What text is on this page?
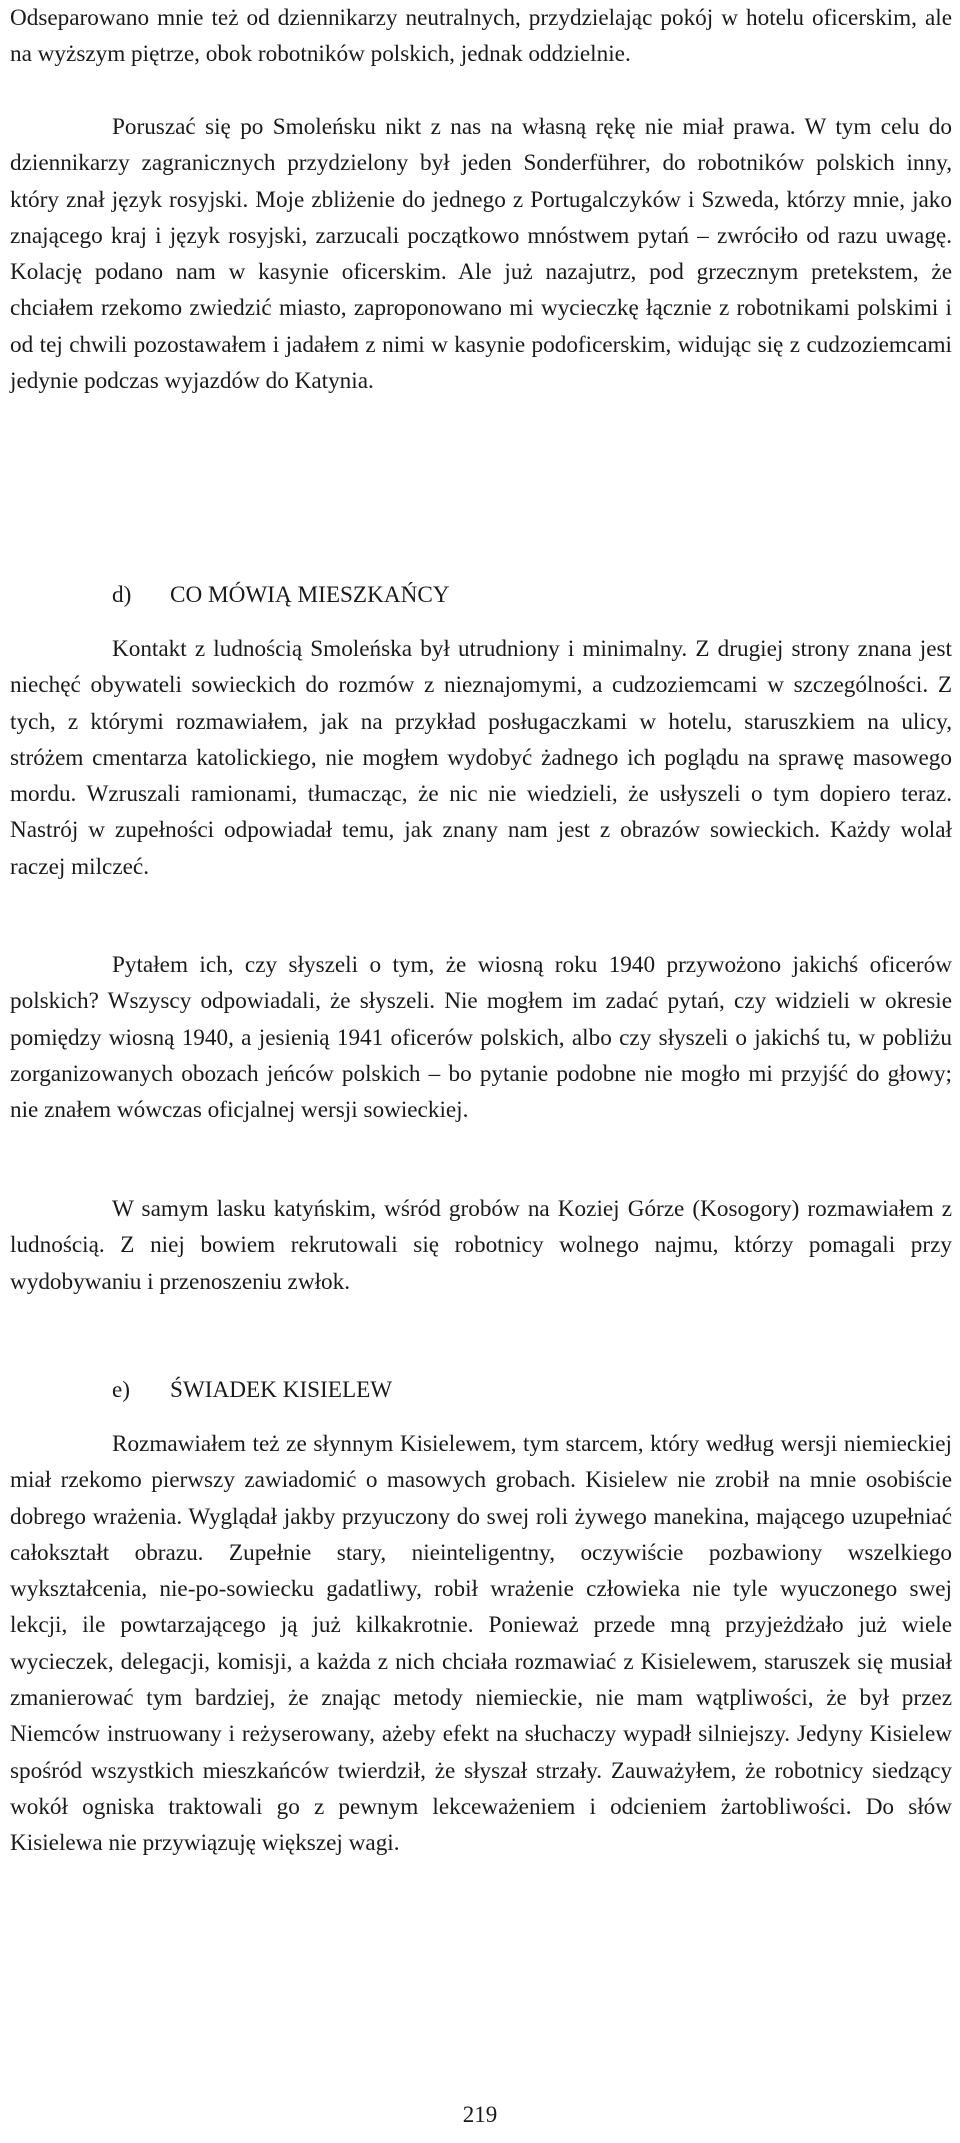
Odseparowano mnie też od dziennikarzy neutralnych, przydzielając pokój w hotelu oficerskim, ale na wyższym piętrze, obok robotników polskich, jednak oddzielnie.

Poruszać się po Smoleńsku nikt z nas na własną rękę nie miał prawa. W tym celu do dziennikarzy zagranicznych przydzielony był jeden Sonderführer, do robotników polskich inny, który znał język rosyjski. Moje zbliżenie do jednego z Portugalczyków i Szweda, którzy mnie, jako znającego kraj i język rosyjski, zarzucali początkowo mnóstwem pytań – zwróciło od razu uwagę. Kolację podano nam w kasynie oficerskim. Ale już nazajutrz, pod grzecznym pretekstem, że chciałem rzekomo zwiedzić miasto, zaproponowano mi wycieczkę łącznie z robotnikami polskimi i od tej chwili pozostawałem i jadałem z nimi w kasynie podoficerskim, widując się z cudzoziemcami jedynie podczas wyjazdów do Katynia.

d) CO MÓWIĄ MIESZKAŃCY

Kontakt z ludnością Smoleńska był utrudniony i minimalny. Z drugiej strony znana jest niechęć obywateli sowieckich do rozmów z nieznajomymi, a cudzoziemcami w szczególności. Z tych, z którymi rozmawiałem, jak na przykład posługaczkami w hotelu, staruszkiem na ulicy, stróżem cmentarza katolickiego, nie mogłem wydobyć żadnego ich poglądu na sprawę masowego mordu. Wzruszali ramionami, tłumacząc, że nic nie wiedzieli, że usłyszeli o tym dopiero teraz. Nastrój w zupełności odpowiadał temu, jak znany nam jest z obrazów sowieckich. Każdy wolał raczej milczeć.

Pytałem ich, czy słyszeli o tym, że wiosną roku 1940 przywożono jakichś oficerów polskich? Wszyscy odpowiadali, że słyszeli. Nie mogłem im zadać pytań, czy widzieli w okresie pomiędzy wiosną 1940, a jesienią 1941 oficerów polskich, albo czy słyszeli o jakichś tu, w pobliżu zorganizowanych obozach jeńców polskich – bo pytanie podobne nie mogło mi przyjść do głowy; nie znałem wówczas oficjalnej wersji sowieckiej.

W samym lasku katyńskim, wśród grobów na Koziej Górze (Kosogory) rozmawiałem z ludnością. Z niej bowiem rekrutowali się robotnicy wolnego najmu, którzy pomagali przy wydobywaniu i przenoszeniu zwłok.

e) ŚWIADEK KISIELEW

Rozmawiałem też ze słynnym Kisielewem, tym starcem, który według wersji niemieckiej miał rzekomo pierwszy zawiadomić o masowych grobach. Kisielew nie zrobił na mnie osobiście dobrego wrażenia. Wyglądał jakby przyuczony do swej roli żywego manekina, mającego uzupełniać całokształt obrazu. Zupełnie stary, nieinteligentny, oczywiście pozbawiony wszelkiego wykształcenia, nie-po-sowiecku gadatliwy, robił wrażenie człowieka nie tyle wyuczonego swej lekcji, ile powtarzającego ją już kilkakrotnie. Ponieważ przede mną przyjeżdżało już wiele wycieczek, delegacji, komisji, a każda z nich chciała rozmawiać z Kisielewem, staruszek się musiał zmanierować tym bardziej, że znając metody niemieckie, nie mam wątpliwości, że był przez Niemców instruowany i reżyserowany, ażeby efekt na słuchaczy wypadł silniejszy. Jedyny Kisielew spośród wszystkich mieszkańców twierdził, że słyszał strzały. Zauważyłem, że robotnicy siedzący wokół ogniska traktowali go z pewnym lekceważeniem i odcieniem żartobliwości. Do słów Kisielewa nie przywiązuję większej wagi.

219
